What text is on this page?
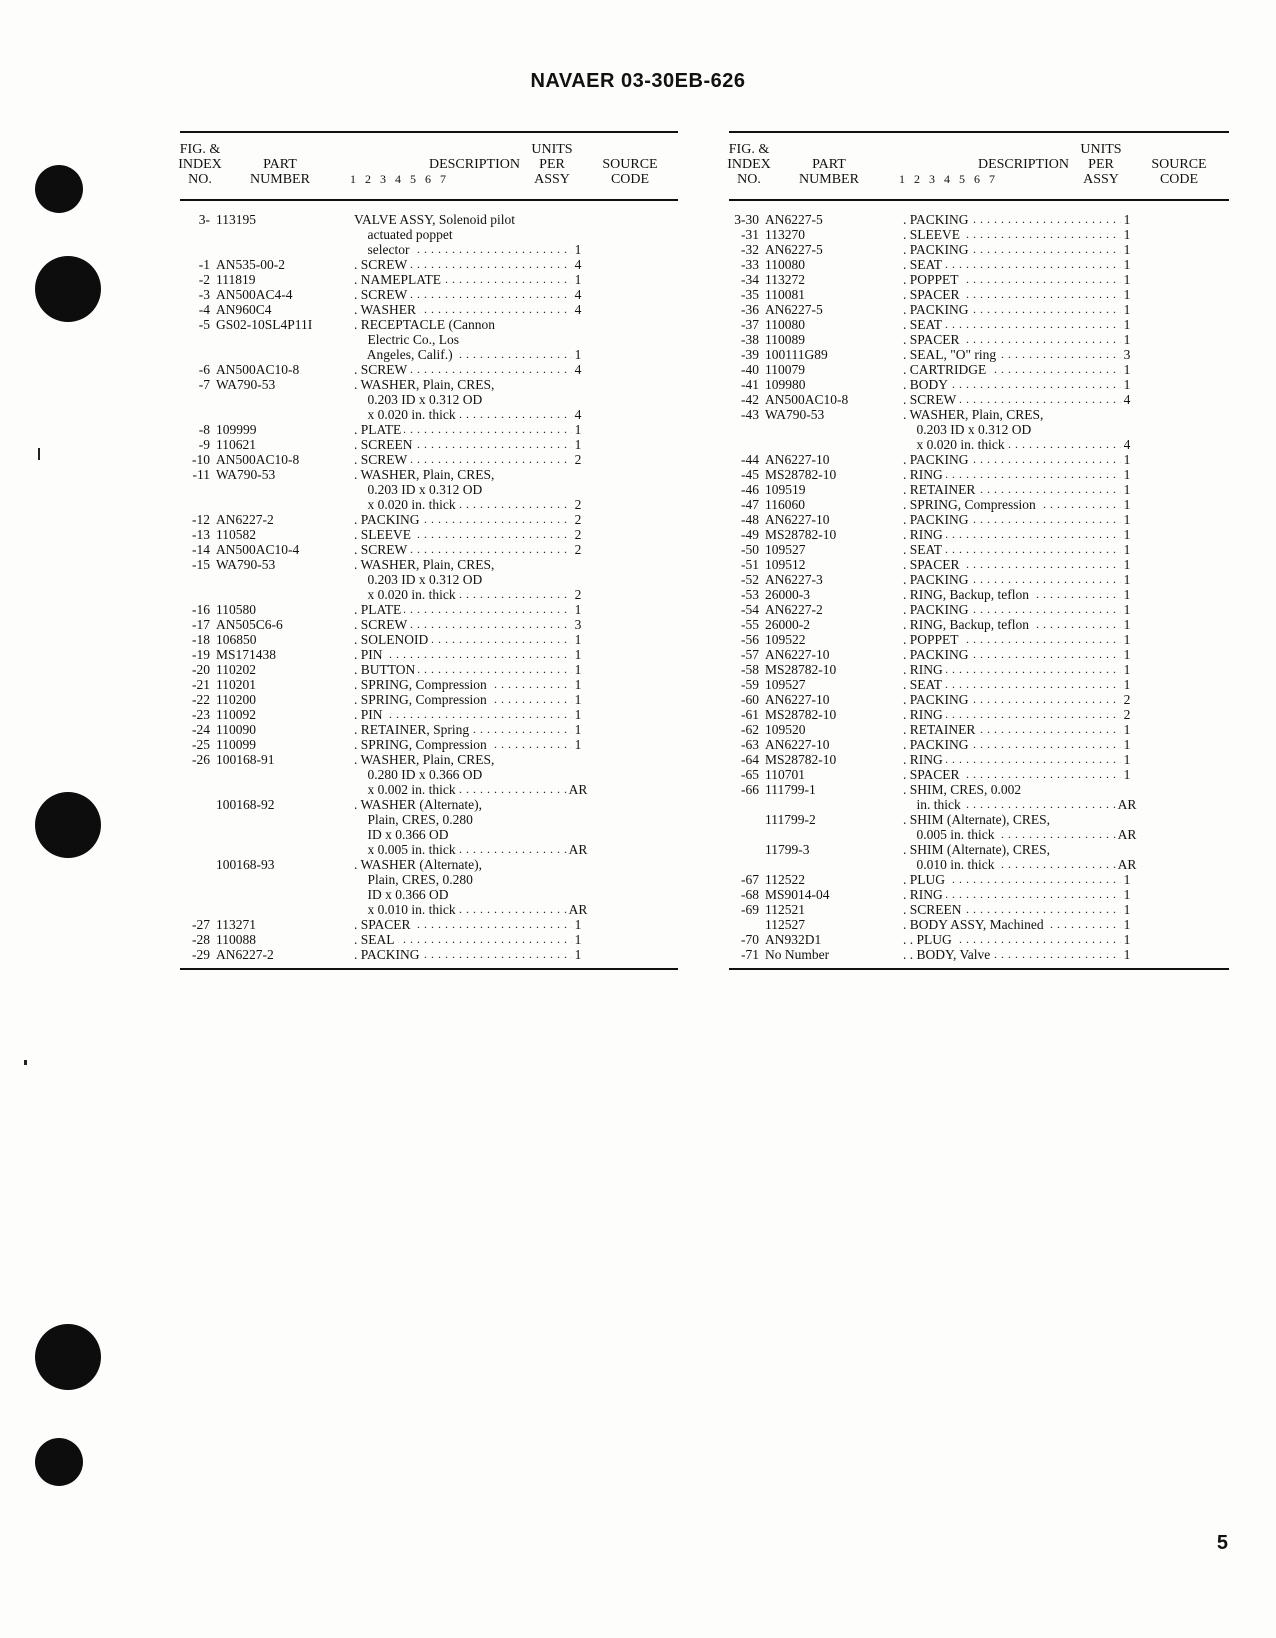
NAVAER 03-30EB-626
FIG. &
INDEX
NO.
PART
NUMBER
DESCRIPTION
1 2 3 4 5 6 7
UNITS
PER
ASSY
SOURCE
CODE
3- 113195	VALVE ASSY, Solenoid pilot
actuated poppet
selector . . .	1
-1 AN535-00-2	. SCREW . . .	4
-2 111819	. NAMEPLATE . . .	1
-3 AN500AC4-4	. SCREW . . .	4
-4 AN960C4	. WASHER . . .	4
-5 GS02-10SL4P11I	. RECEPTACLE (Cannon
Electric Co., Los
Angeles, Calif.) . . .	1
-6 AN500AC10-8	. SCREW . . .	4
-7 WA790-53	. WASHER, Plain, CRES,
0.203 ID x 0.312 OD
x 0.020 in. thick . . .	4
-8 109999	. PLATE . . .	1
-9 110621	. SCREEN . . .	1
-10 AN500AC10-8	. SCREW . . .	2
-11 WA790-53	. WASHER, Plain, CRES,
0.203 ID x 0.312 OD
x 0.020 in. thick . . .	2
-12 AN6227-2	. PACKING . . .	2
-13 110582	. SLEEVE . . .	2
-14 AN500AC10-4	. SCREW . . .	2
-15 WA790-53	. WASHER, Plain, CRES,
0.203 ID x 0.312 OD
x 0.020 in. thick . . .	2
-16 110580	. PLATE . . .	1
-17 AN505C6-6	. SCREW . . .	3
-18 106850	. SOLENOID . . .	1
-19 MS171438	. PIN . . .	1
-20 110202	. BUTTON . . .	1
-21 110201	. SPRING, Compression . . .	1
-22 110200	. SPRING, Compression . . .	1
-23 110092	. PIN . . .	1
-24 110090	. RETAINER, Spring . . .	1
-25 110099	. SPRING, Compression . . .	1
-26 100168-91	. WASHER, Plain, CRES,
0.280 ID x 0.366 OD
x 0.002 in. thick . . .	AR
100168-92	. WASHER (Alternate),
Plain, CRES, 0.280
ID x 0.366 OD
x 0.005 in. thick . . .	AR
100168-93	. WASHER (Alternate),
Plain, CRES, 0.280
ID x 0.366 OD
x 0.010 in. thick . . .	AR
-27 113271	. SPACER . . .	1
-28 110088	. SEAL . . .	1
-29 AN6227-2	. PACKING . . .	1
FIG. &
INDEX
NO.
PART
NUMBER
DESCRIPTION
1 2 3 4 5 6 7
UNITS
PER
ASSY
SOURCE
CODE
3-30 AN6227-5	. PACKING . . .	1
-31 113270	. SLEEVE . . .	1
-32 AN6227-5	. PACKING . . .	1
-33 110080	. SEAT . . .	1
-34 113272	. POPPET . . .	1
-35 110081	. SPACER . . .	1
-36 AN6227-5	. PACKING . . .	1
-37 110080	. SEAT . . .	1
-38 110089	. SPACER . . .	1
-39 100111G89	. SEAL, "O" ring . . .	3
-40 110079	. CARTRIDGE . . .	1
-41 109980	. BODY . . .	1
-42 AN500AC10-8	. SCREW . . .	4
-43 WA790-53	. WASHER, Plain, CRES,
0.203 ID x 0.312 OD
x 0.020 in. thick . . .	4
-44 AN6227-10	. PACKING . . .	1
-45 MS28782-10	. RING . . .	1
-46 109519	. RETAINER . . .	1
-47 116060	. SPRING, Compression . . .	1
-48 AN6227-10	. PACKING . . .	1
-49 MS28782-10	. RING . . .	1
-50 109527	. SEAT . . .	1
-51 109512	. SPACER . . .	1
-52 AN6227-3	. PACKING . . .	1
-53 26000-3	. RING, Backup, teflon . . .	1
-54 AN6227-2	. PACKING . . .	1
-55 26000-2	. RING, Backup, teflon . . .	1
-56 109522	. POPPET . . .	1
-57 AN6227-10	. PACKING . . .	1
-58 MS28782-10	. RING . . .	1
-59 109527	. SEAT . . .	1
-60 AN6227-10	. PACKING . . .	2
-61 MS28782-10	. RING . . .	2
-62 109520	. RETAINER . . .	1
-63 AN6227-10	. PACKING . . .	1
-64 MS28782-10	. RING . . .	1
-65 110701	. SPACER . . .	1
-66 111799-1	. SHIM, CRES, 0.002
in. thick . . .	AR
111799-2	. SHIM (Alternate), CRES,
0.005 in. thick . . .	AR
11799-3	. SHIM (Alternate), CRES,
0.010 in. thick . . .	AR
-67 112522	. PLUG . . .	1
-68 MS9014-04	. RING . . .	1
-69 112521	. SCREEN . . .	1
112527	. BODY ASSY, Machined . . .	1
-70 AN932D1	. . PLUG . . .	1
-71 No Number	. . BODY, Valve . . .	1
5
